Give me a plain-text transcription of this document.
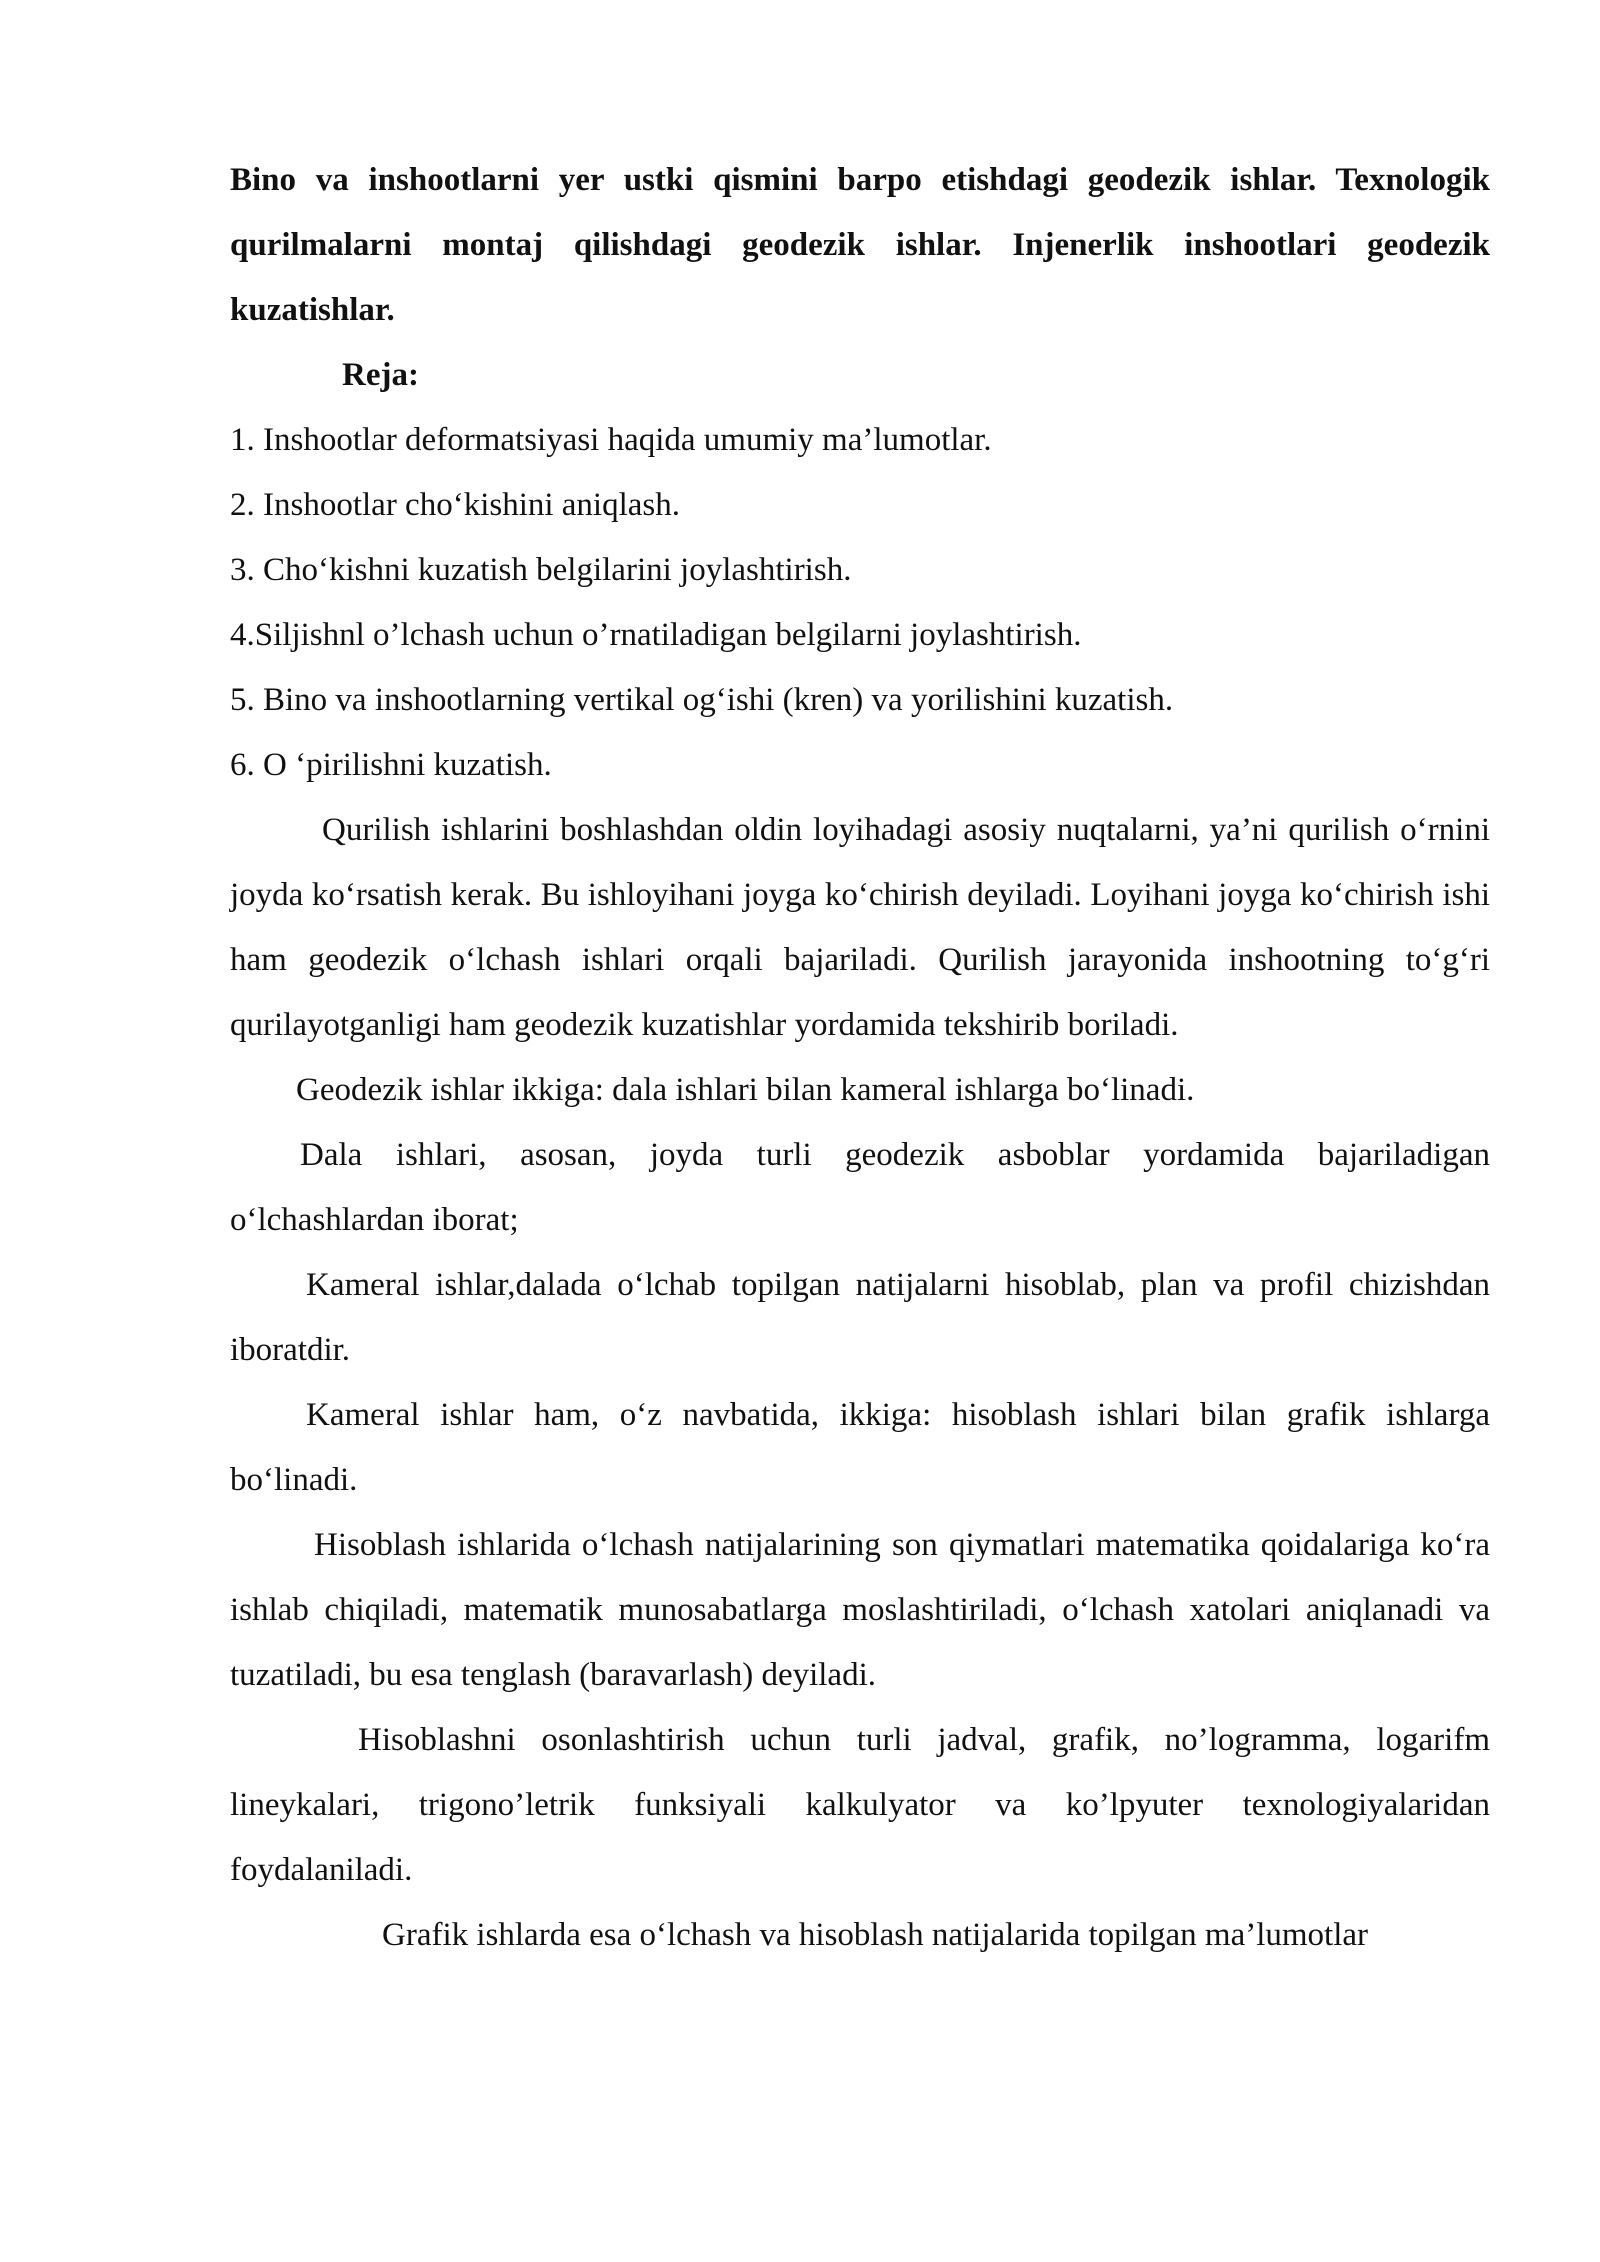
Bino va inshootlarni yer ustki qismini barpo etishdagi geodezik ishlar. Texnologik qurilmalarni montaj qilishdagi geodezik ishlar. Injenerlik inshootlari geodezik kuzatishlar.

Reja:

1. Inshootlar deformatsiyasi haqida umumiy ma’lumotlar.
2. Inshootlar cho‘kishini aniqlash.
3. Cho‘kishni kuzatish belgilarini joylashtirish.
4.Siljishnl o’lchash uchun o’rnatiladigan belgilarni joylashtirish.
5. Bino va inshootlarning vertikal og‘ishi (kren) va yorilishini kuzatish.
6. O ‘pirilishni kuzatish.

Qurilish ishlarini boshlashdan oldin loyihadagi asosiy nuqtalarni, ya’ni qurilish o‘rnini joyda ko‘rsatish kerak. Bu ishloyihani joyga ko‘chirish deyiladi. Loyihani joyga ko‘chirish ishi ham geodezik o‘lchash ishlari orqali bajariladi. Qurilish jarayonida inshootning to‘g‘ri qurilayotganligi ham geodezik kuzatishlar yordamida tekshirib boriladi.

Geodezik ishlar ikkiga: dala ishlari bilan kameral ishlarga bo‘linadi.

Dala ishlari, asosan, joyda turli geodezik asboblar yordamida bajariladigan o‘lchashlardan iborat;

Kameral ishlar,dalada o‘lchab topilgan natijalarni hisoblab, plan va profil chizishdan iboratdir.

Kameral ishlar ham, o‘z navbatida, ikkiga: hisoblash ishlari bilan grafik ishlarga bo‘linadi.

Hisoblash ishlarida o‘lchash natijalarining son qiymatlari matematika qoidalariga ko‘ra ishlab chiqiladi, matematik munosabatlarga moslashtiriladi, o‘lchash xatolari aniqlanadi va tuzatiladi, bu esa tenglash (baravarlash) deyiladi.

Hisoblashni osonlashtirish uchun turli jadval, grafik, no’logramma, logarifm lineykalari, trigono’letrik funksiyali kalkulyator va ko’lpyuter texnologiyalaridan foydalaniladi.

Grafik ishlarda esa o‘lchash va hisoblash natijalarida topilgan ma’lumotlar
